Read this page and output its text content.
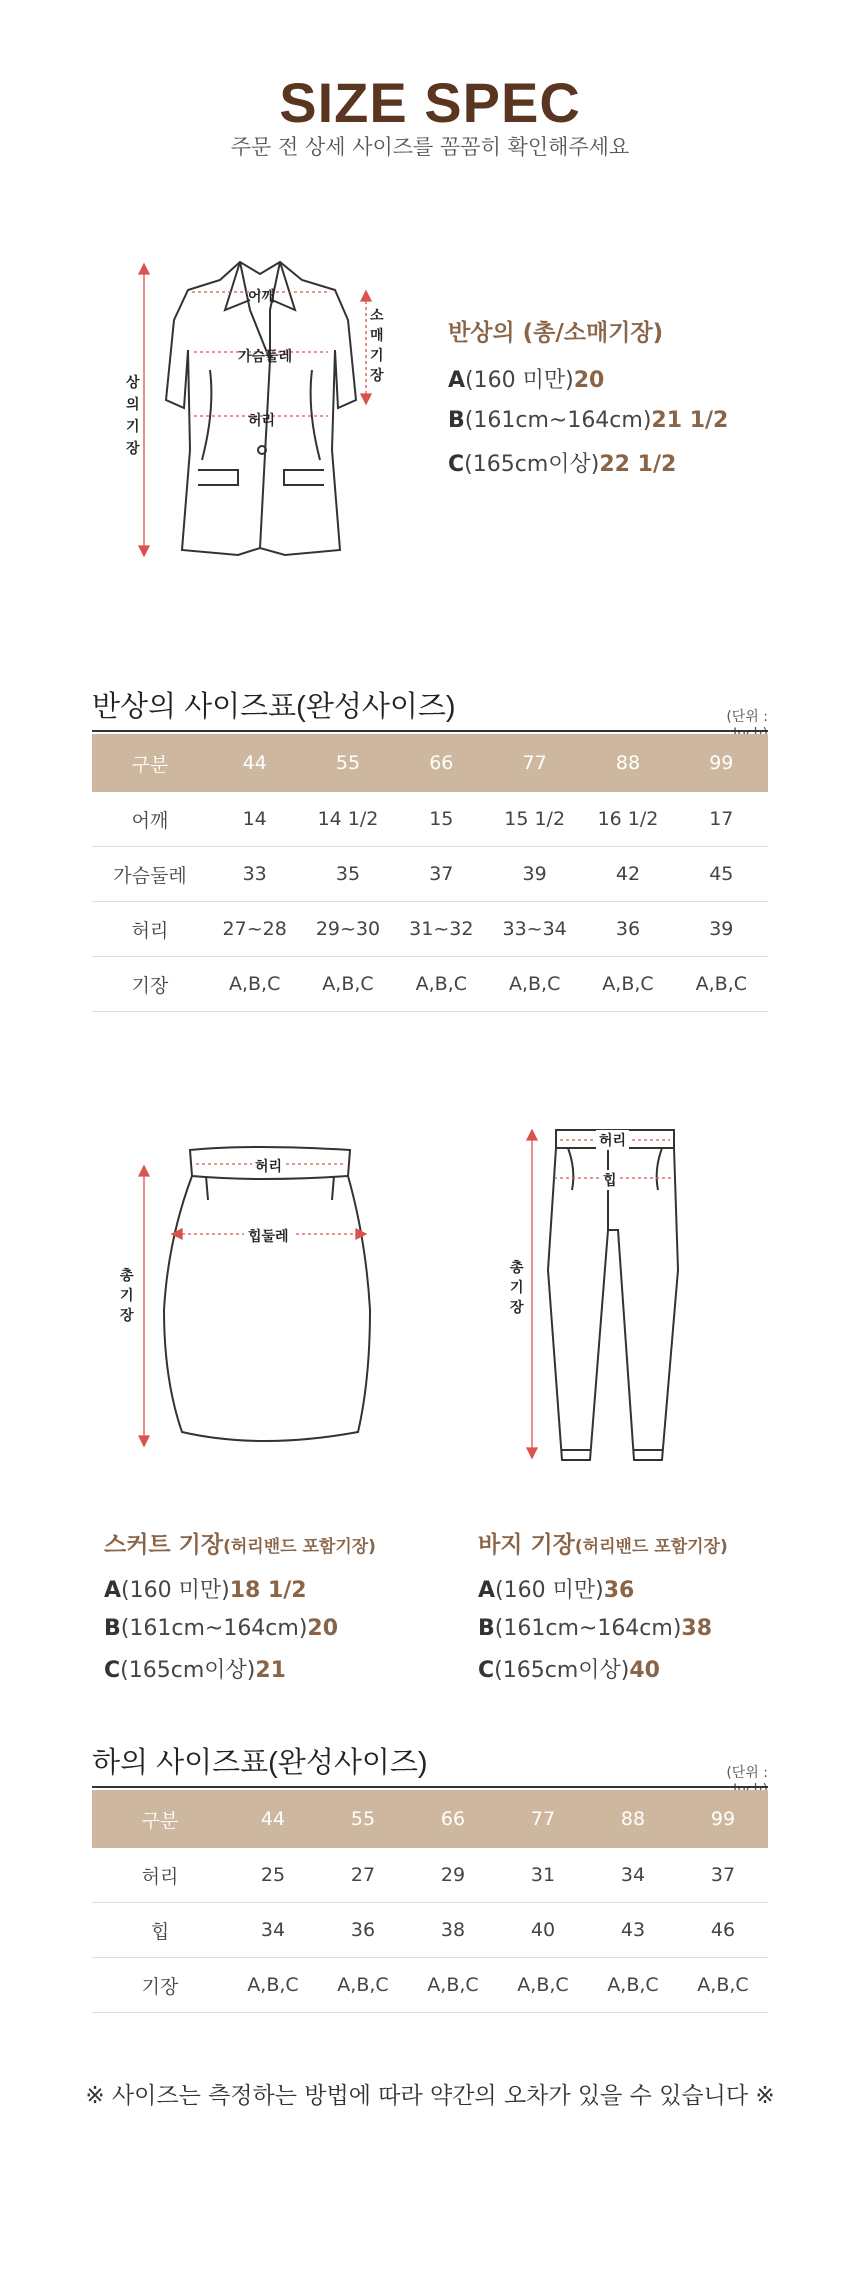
SIZE SPEC
주문 전 상세 사이즈를 꼼꼼히 확인해주세요
어깨
가슴둘레
허리
소매기장
상의기장
반상의 (총/소매기장)
A(160 미만)20
B(161cm~164cm)21 1/2
C(165cm이상)22 1/2
반상의 사이즈표(완성사이즈)	(단위 :
구분	44	55	66	77	88	99
어깨	14	14 1/2	15	15 1/2	16 1/2	17
가슴둘레	33	35	37	39	42	45
허리	27~28	29~30	31~32	33~34	36	39
기장	A,B,C	A,B,C	A,B,C	A,B,C	A,B,C	A,B,C
허리
힙둘레
총기장
허리
힙
총기장
스커트 기장(허리밴드 포함기장)
A(160 미만)18 1/2
B(161cm~164cm)20
C(165cm이상)21
바지 기장(허리밴드 포함기장)
A(160 미만)36
B(161cm~164cm)38
C(165cm이상)40
하의 사이즈표(완성사이즈)	(단위 :
구분	44	55	66	77	88	99
허리	25	27	29	31	34	37
힙	34	36	38	40	43	46
기장	A,B,C	A,B,C	A,B,C	A,B,C	A,B,C	A,B,C
※ 사이즈는 측정하는 방법에 따라 약간의 오차가 있을 수 있습니다 ※
